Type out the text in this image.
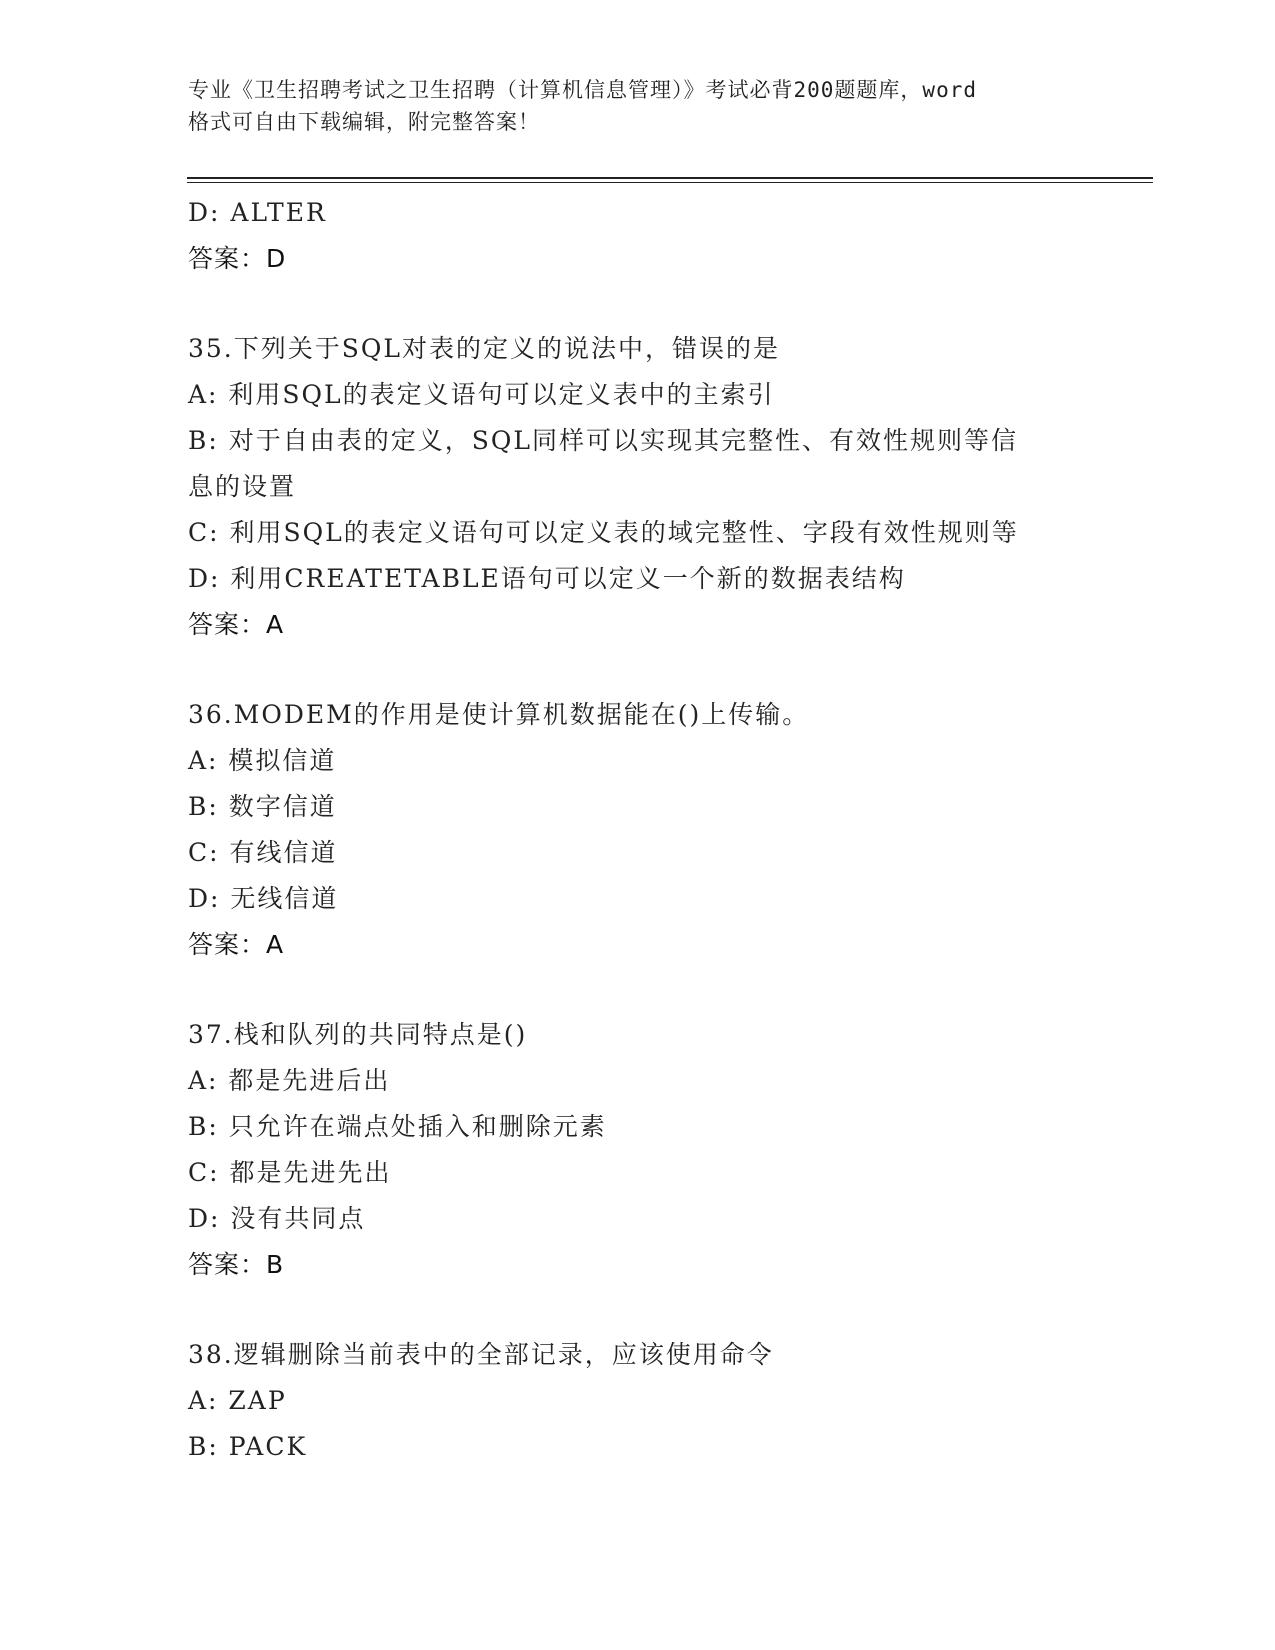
专业《卫生招聘考试之卫生招聘（计算机信息管理）》考试必背200题题库，word
格式可自由下载编辑，附完整答案！
D: ALTER
答案：D
35.下列关于SQL对表的定义的说法中，错误的是
A: 利用SQL的表定义语句可以定义表中的主索引
B: 对于自由表的定义，SQL同样可以实现其完整性、有效性规则等信
息的设置
C: 利用SQL的表定义语句可以定义表的域完整性、字段有效性规则等
D: 利用CREATETABLE语句可以定义一个新的数据表结构
答案：A
36.MODEM的作用是使计算机数据能在()上传输。
A: 模拟信道
B: 数字信道
C: 有线信道
D: 无线信道
答案：A
37.栈和队列的共同特点是()
A: 都是先进后出
B: 只允许在端点处插入和删除元素
C: 都是先进先出
D: 没有共同点
答案：B
38.逻辑删除当前表中的全部记录，应该使用命令
A: ZAP
B: PACK
